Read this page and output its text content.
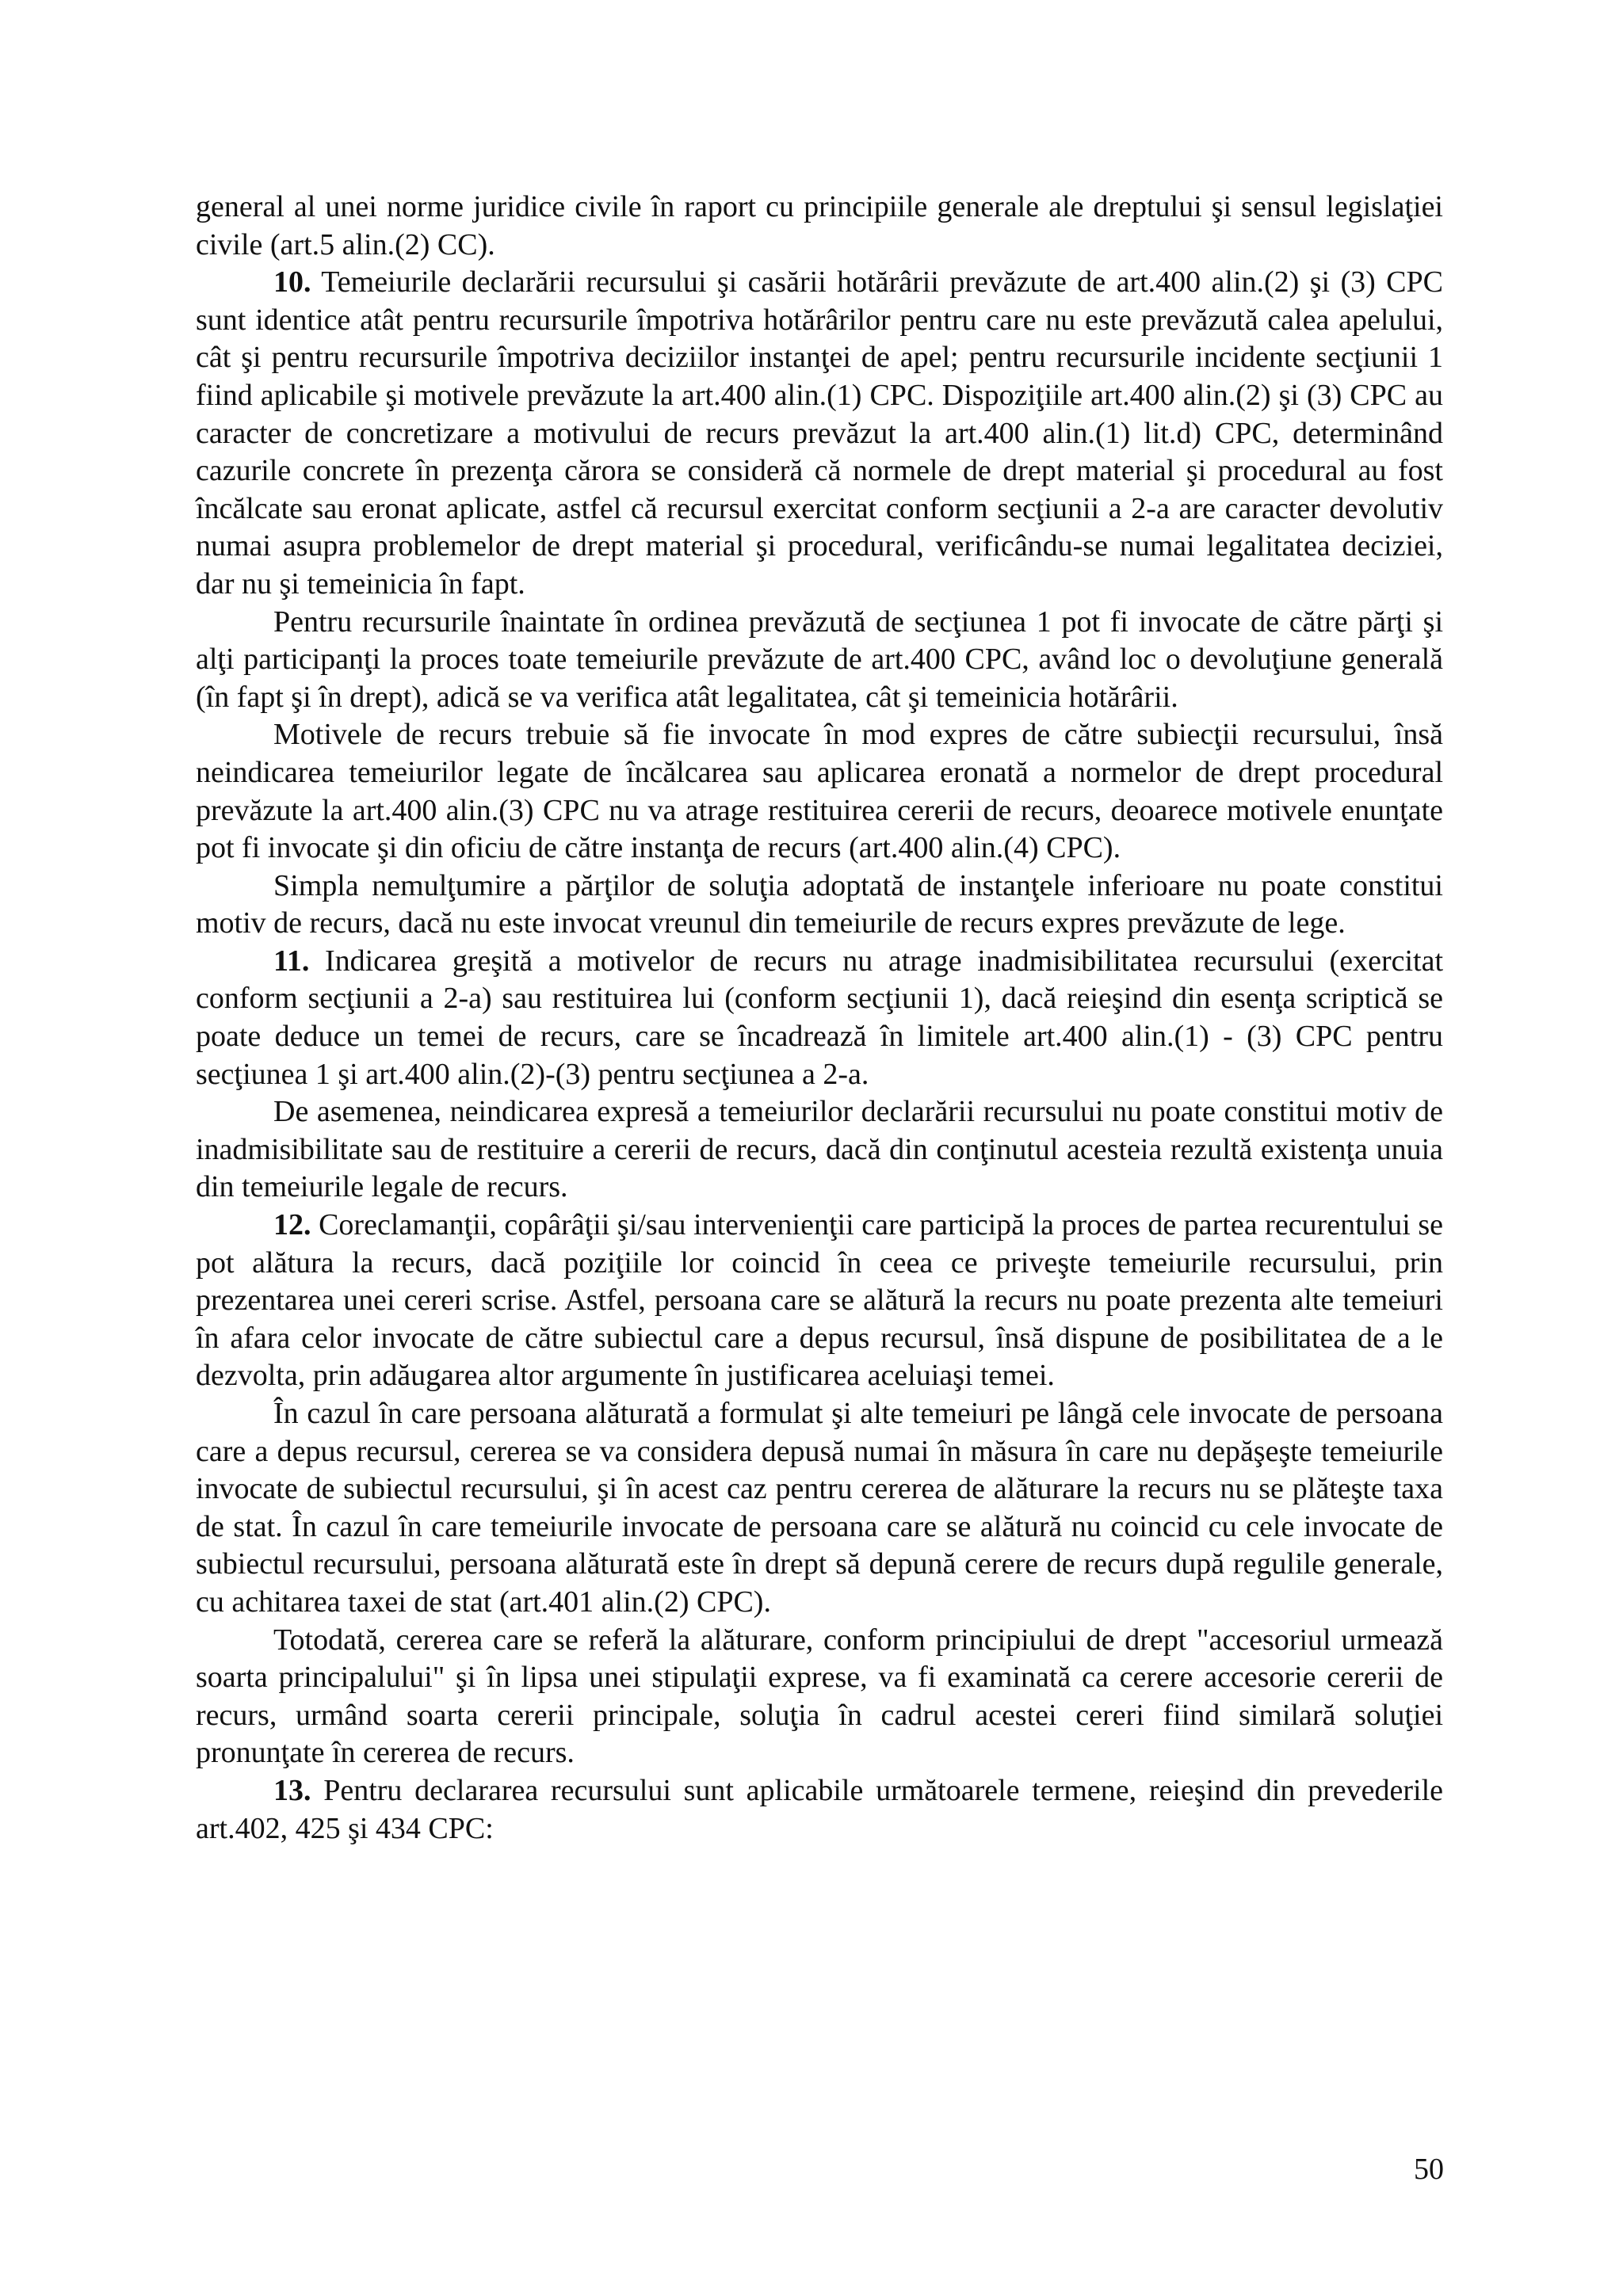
general al unei norme juridice civile în raport cu principiile generale ale dreptului şi sensul legislaţiei civile (art.5 alin.(2) CC).

10. Temeiurile declarării recursului şi casării hotărârii prevăzute de art.400 alin.(2) şi (3) CPC sunt identice atât pentru recursurile împotriva hotărârilor pentru care nu este prevăzută calea apelului, cât şi pentru recursurile împotriva deciziilor instanţei de apel; pentru recursurile incidente secţiunii 1 fiind aplicabile şi motivele prevăzute la art.400 alin.(1) CPC. Dispoziţiile art.400 alin.(2) şi (3) CPC au caracter de concretizare a motivului de recurs prevăzut la art.400 alin.(1) lit.d) CPC, determinând cazurile concrete în prezenţa cărora se consideră că normele de drept material şi procedural au fost încălcate sau eronat aplicate, astfel că recursul exercitat conform secţiunii a 2-a are caracter devolutiv numai asupra problemelor de drept material şi procedural, verificându-se numai legalitatea deciziei, dar nu şi temeinicia în fapt.

Pentru recursurile înaintate în ordinea prevăzută de secţiunea 1 pot fi invocate de către părţi şi alţi participanţi la proces toate temeiurile prevăzute de art.400 CPC, având loc o devoluţiune generală (în fapt şi în drept), adică se va verifica atât legalitatea, cât şi temeinicia hotărârii.

Motivele de recurs trebuie să fie invocate în mod expres de către subiecţii recursului, însă neindicarea temeiurilor legate de încălcarea sau aplicarea eronată a normelor de drept procedural prevăzute la art.400 alin.(3) CPC nu va atrage restituirea cererii de recurs, deoarece motivele enunţate pot fi invocate şi din oficiu de către instanţa de recurs (art.400 alin.(4) CPC).

Simpla nemulţumire a părţilor de soluţia adoptată de instanţele inferioare nu poate constitui motiv de recurs, dacă nu este invocat vreunul din temeiurile de recurs expres prevăzute de lege.

11. Indicarea greşită a motivelor de recurs nu atrage inadmisibilitatea recursului (exercitat conform secţiunii a 2-a) sau restituirea lui (conform secţiunii 1), dacă reieşind din esenţa scriptică se poate deduce un temei de recurs, care se încadrează în limitele art.400 alin.(1) - (3) CPC pentru secţiunea 1 şi art.400 alin.(2)-(3) pentru secţiunea a 2-a.

De asemenea, neindicarea expresă a temeiurilor declarării recursului nu poate constitui motiv de inadmisibilitate sau de restituire a cererii de recurs, dacă din conţinutul acesteia rezultă existenţa unuia din temeiurile legale de recurs.

12. Coreclamanţii, copârâţii şi/sau intervenienţii care participă la proces de partea recurentului se pot alătura la recurs, dacă poziţiile lor coincid în ceea ce priveşte temeiurile recursului, prin prezentarea unei cereri scrise. Astfel, persoana care se alătură la recurs nu poate prezenta alte temeiuri în afara celor invocate de către subiectul care a depus recursul, însă dispune de posibilitatea de a le dezvolta, prin adăugarea altor argumente în justificarea aceluiaşi temei.

În cazul în care persoana alăturată a formulat şi alte temeiuri pe lângă cele invocate de persoana care a depus recursul, cererea se va considera depusă numai în măsura în care nu depăşeşte temeiurile invocate de subiectul recursului, şi în acest caz pentru cererea de alăturare la recurs nu se plăteşte taxa de stat. În cazul în care temeiurile invocate de persoana care se alătură nu coincid cu cele invocate de subiectul recursului, persoana alăturată este în drept să depună cerere de recurs după regulile generale, cu achitarea taxei de stat (art.401 alin.(2) CPC).

Totodată, cererea care se referă la alăturare, conform principiului de drept "accesoriul urmează soarta principalului" şi în lipsa unei stipulaţii exprese, va fi examinată ca cerere accesorie cererii de recurs, urmând soarta cererii principale, soluţia în cadrul acestei cereri fiind similară soluţiei pronunţate în cererea de recurs.

13. Pentru declararea recursului sunt aplicabile următoarele termene, reieşind din prevederile art.402, 425 şi 434 CPC:

50
